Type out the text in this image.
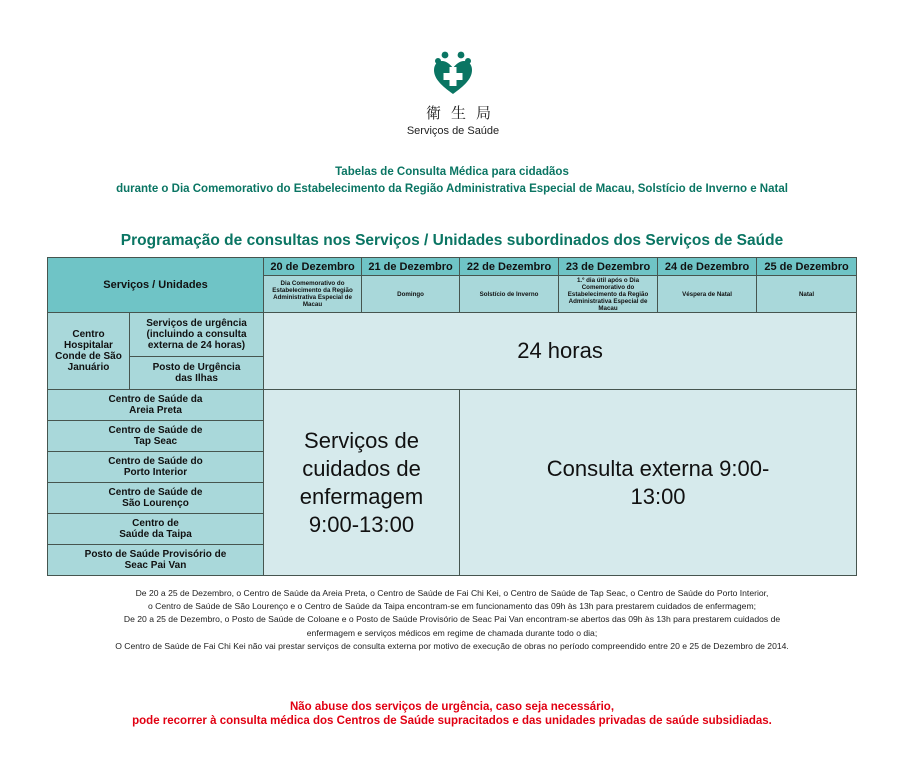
衛生局
Serviços de Saúde
Tabelas de Consulta Médica para cidadãos
durante o Dia Comemorativo do Estabelecimento da Região Administrativa Especial de Macau, Solstício de Inverno e Natal
Programação de consultas nos Serviços / Unidades subordinados dos Serviços de Saúde
Serviços / Unidades		20 de Dezembro	21 de Dezembro	22 de Dezembro	23 de Dezembro	24 de Dezembro	25 de Dezembro
		Dia Comemorativo do Estabelecimento da Região Administrativa Especial de Macau	Domingo	Solstício de Inverno	1.º dia útil após o Dia Comemorativo do Estabelecimento da Região Administrativa Especial de Macau	Véspera de Natal	Natal
Centro Hospitalar Conde de São Januário	Serviços de urgência (incluindo a consulta externa de 24 horas)	24 horas					
	Posto de Urgência das Ilhas						
Centro de Saúde da Areia Preta		Serviços de cuidados de enfermagem 9:00-13:00		Consulta externa 9:00-13:00			
Centro de Saúde de Tap Seac							
Centro de Saúde do Porto Interior							
Centro de Saúde de São Lourenço							
Centro de Saúde da Taipa							
Posto de Saúde Provisório de Seac Pai Van							
De 20 a 25 de Dezembro, o Centro de Saúde da Areia Preta, o Centro de Saúde de Fai Chi Kei, o Centro de Saúde de Tap Seac, o Centro de Saúde do Porto Interior,
o Centro de Saúde de São Lourenço e o Centro de Saúde da Taipa encontram-se em funcionamento das 09h às 13h para prestarem cuidados de enfermagem;
De 20 a 25 de Dezembro, o Posto de Saúde de Coloane e o Posto de Saúde Provisório de Seac Pai Van encontram-se abertos das 09h às 13h para prestarem cuidados de
enfermagem e serviços médicos em regime de chamada durante todo o dia;
O Centro de Saúde de Fai Chi Kei não vai prestar serviços de consulta externa por motivo de execução de obras no período compreendido entre 20 e 25 de Dezembro de 2014.
Não abuse dos serviços de urgência, caso seja necessário,
pode recorrer à consulta médica dos Centros de Saúde supracitados e das unidades privadas de saúde subsidiadas.
